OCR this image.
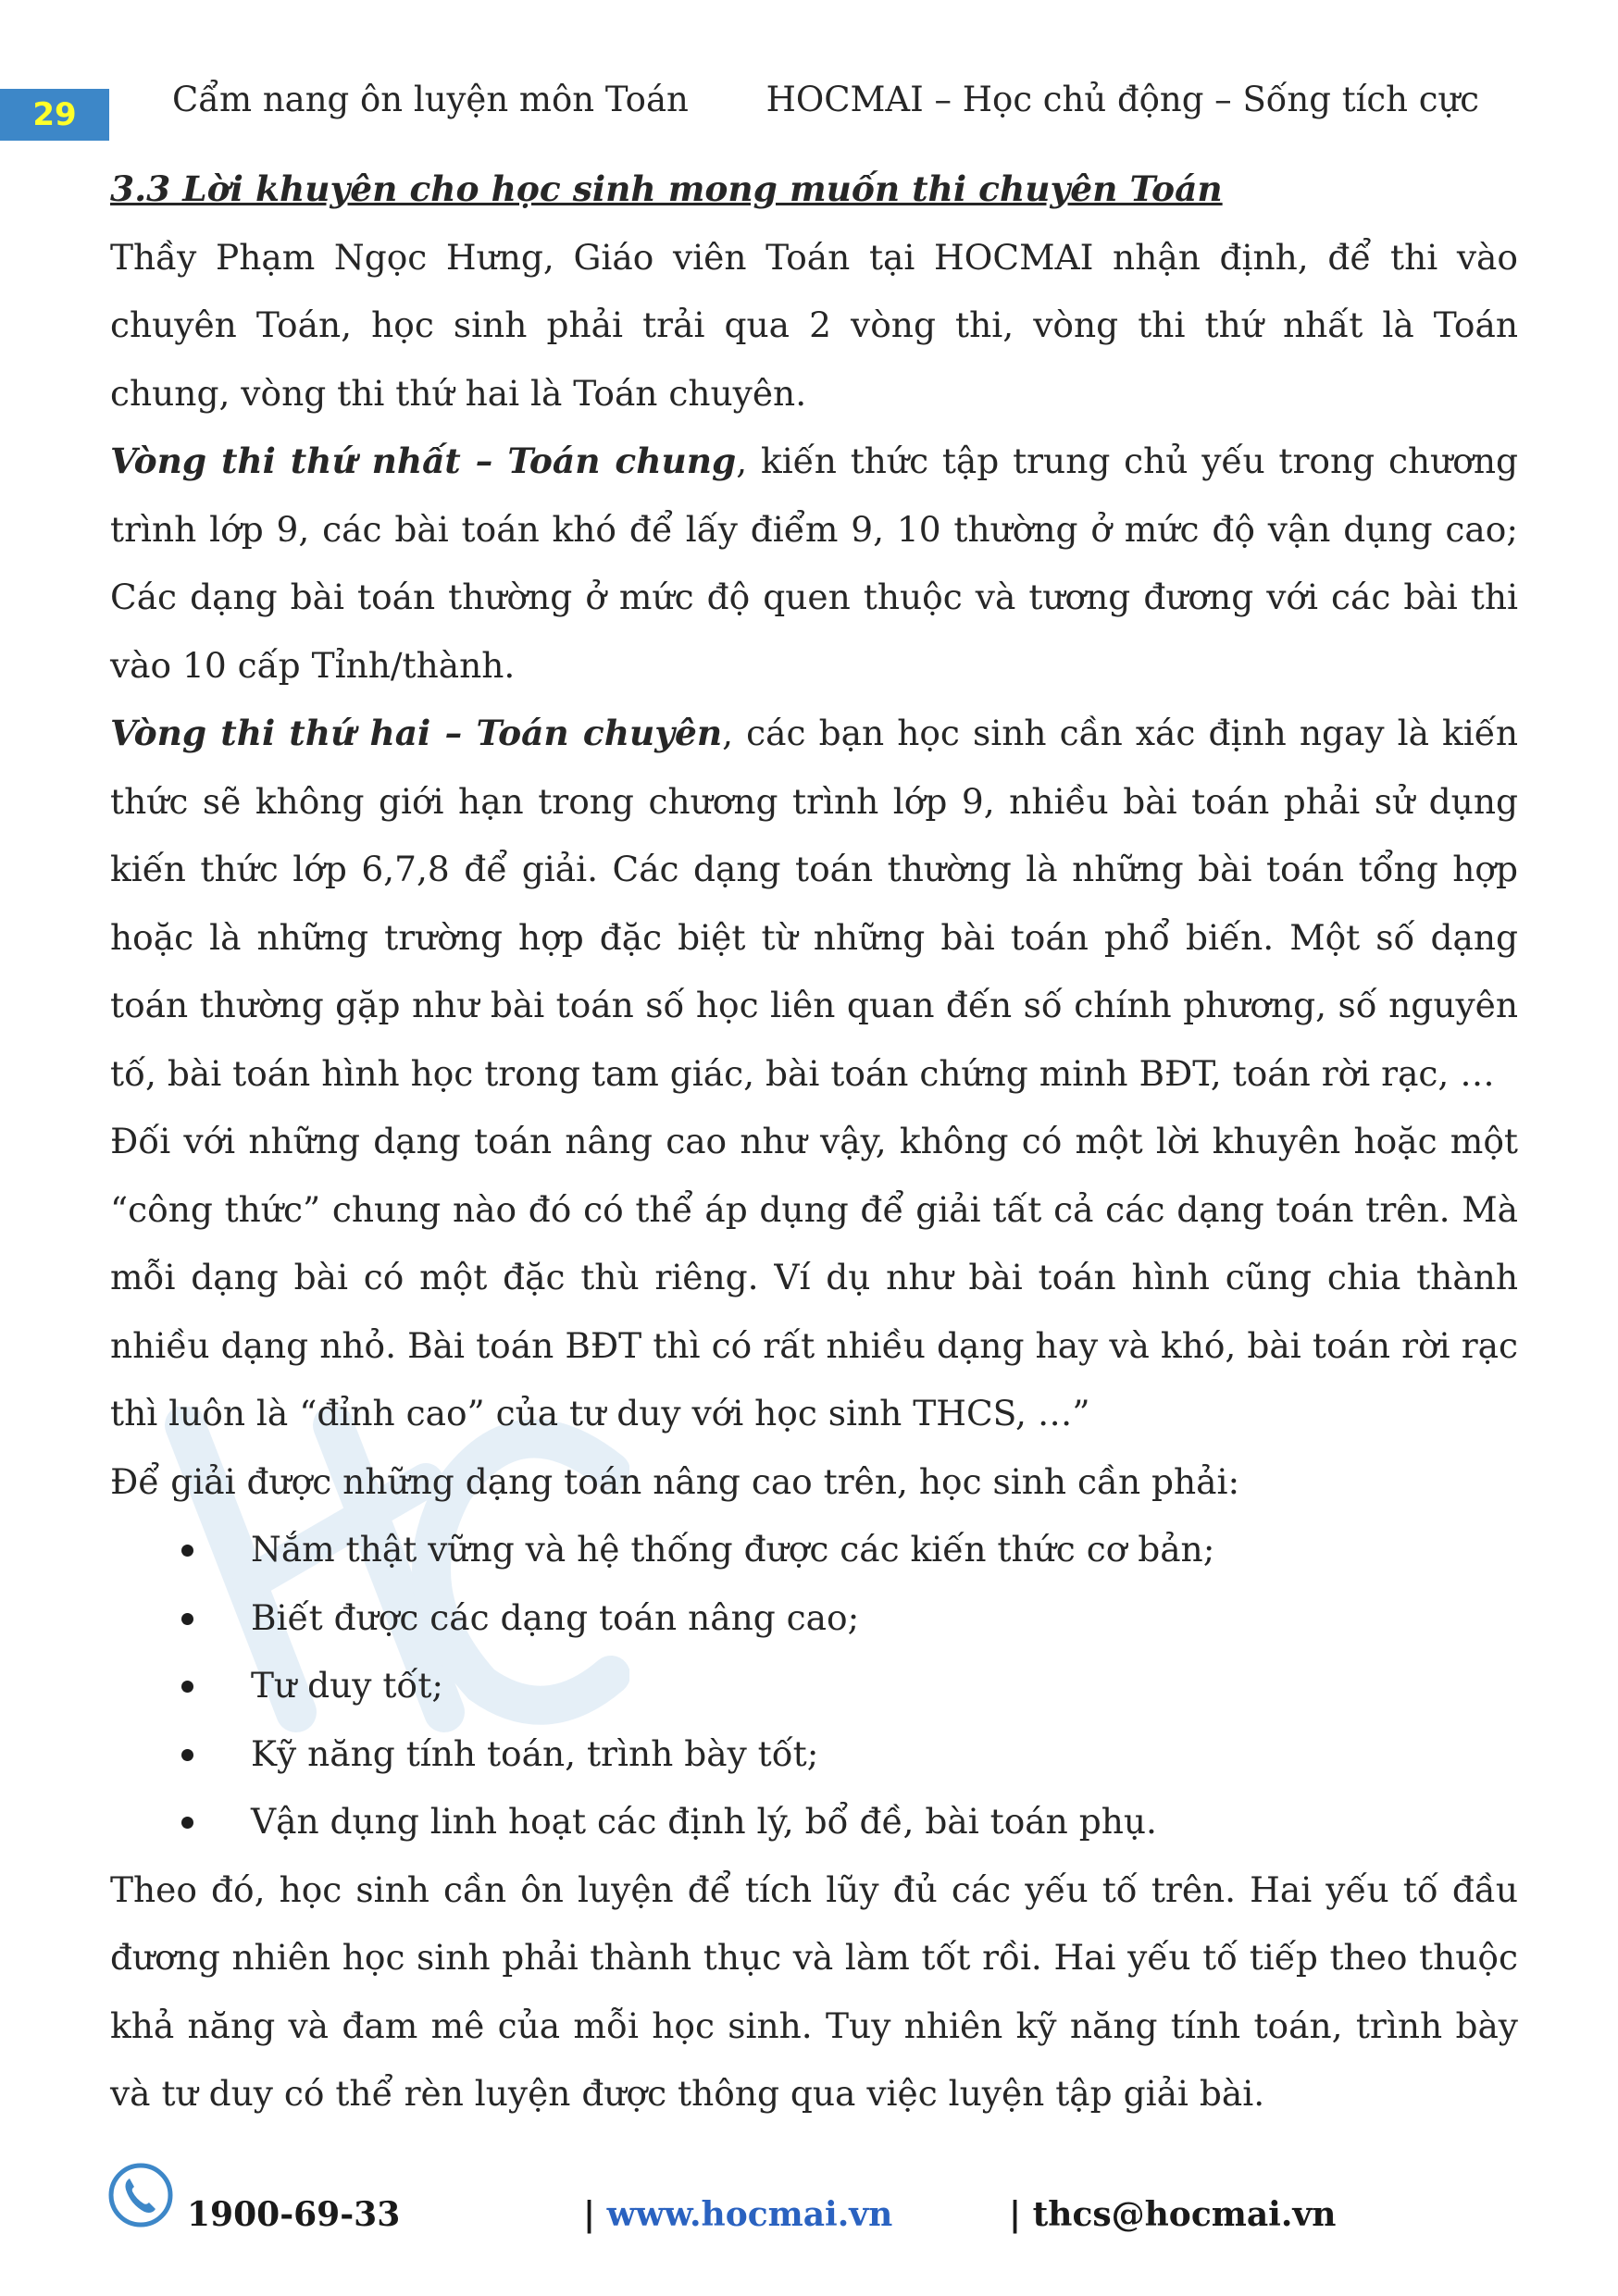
29	Cẩm nang ôn luyện môn Toán HOCMAI – Học chủ động – Sống tích cực

3.3 Lời khuyên cho học sinh mong muốn thi chuyên Toán

Thầy Phạm Ngọc Hưng, Giáo viên Toán tại HOCMAI nhận định, để thi vào chuyên Toán, học sinh phải trải qua 2 vòng thi, vòng thi thứ nhất là Toán chung, vòng thi thứ hai là Toán chuyên.

Vòng thi thứ nhất – Toán chung, kiến thức tập trung chủ yếu trong chương trình lớp 9, các bài toán khó để lấy điểm 9, 10 thường ở mức độ vận dụng cao; Các dạng bài toán thường ở mức độ quen thuộc và tương đương với các bài thi vào 10 cấp Tỉnh/thành.

Vòng thi thứ hai – Toán chuyên, các bạn học sinh cần xác định ngay là kiến thức sẽ không giới hạn trong chương trình lớp 9, nhiều bài toán phải sử dụng kiến thức lớp 6,7,8 để giải. Các dạng toán thường là những bài toán tổng hợp hoặc là những trường hợp đặc biệt từ những bài toán phổ biến. Một số dạng toán thường gặp như bài toán số học liên quan đến số chính phương, số nguyên tố, bài toán hình học trong tam giác, bài toán chứng minh BĐT, toán rời rạc, …

Đối với những dạng toán nâng cao như vậy, không có một lời khuyên hoặc một “công thức” chung nào đó có thể áp dụng để giải tất cả các dạng toán trên. Mà mỗi dạng bài có một đặc thù riêng. Ví dụ như bài toán hình cũng chia thành nhiều dạng nhỏ. Bài toán BĐT thì có rất nhiều dạng hay và khó, bài toán rời rạc thì luôn là “đỉnh cao” của tư duy với học sinh THCS, …”

Để giải được những dạng toán nâng cao trên, học sinh cần phải:

Nắm thật vững và hệ thống được các kiến thức cơ bản;
Biết được các dạng toán nâng cao;
Tư duy tốt;
Kỹ năng tính toán, trình bày tốt;
Vận dụng linh hoạt các định lý, bổ đề, bài toán phụ.

Theo đó, học sinh cần ôn luyện để tích lũy đủ các yếu tố trên. Hai yếu tố đầu đương nhiên học sinh phải thành thục và làm tốt rồi. Hai yếu tố tiếp theo thuộc khả năng và đam mê của mỗi học sinh. Tuy nhiên kỹ năng tính toán, trình bày và tư duy có thể rèn luyện được thông qua việc luyện tập giải bài.

1900-69-33	| www.hocmai.vn	| thcs@hocmai.vn
